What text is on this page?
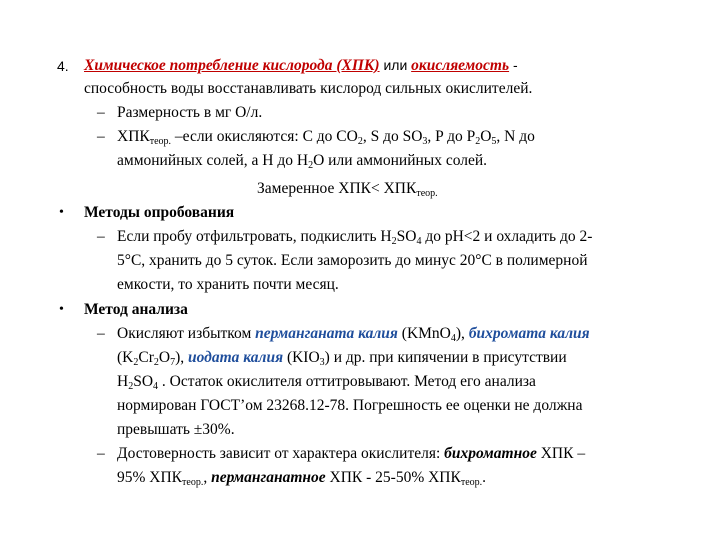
4. Химическое потребление кислорода (ХПК) или окисляемость -
способность воды восстанавливать кислород сильных окислителей.
– Размерность в мг О/л.
– $ХПК_{теор.}$ –если окисляются: С до $СО_2$, S до $SO_3$, P до $P_2O_5$, N до
аммонийных солей, а Н до $Н_2О$ или аммонийных солей.
Замеренное $ХПК< ХПК_{теор.}$
• Методы опробования
– Если пробу отфильтровать, подкислить $H_2SO_4$ до pH<2 и охладить до 2-
5°С, хранить до 5 суток. Если заморозить до минус 20°С в полимерной
емкости, то хранить почти месяц.
• Метод анализа
– Окисляют избытком перманганата калия (KMnO$_4$), бихромата калия
$(K_2Cr_2O_7)$, иодата калия $(KIO_3)$ и др. при кипячении в присутствии
$H_2SO_4$ . Остаток окислителя оттитровывают. Метод его анализа
нормирован ГОСТ’ом 23268.12-78. Погрешность ее оценки не должна
превышать ±30%.
– Достоверность зависит от характера окислителя: бихроматное ХПК –
95% $ХПК_{теор.}$, перманганатное ХПК - 25-50% $ХПК_{теор.}$.
